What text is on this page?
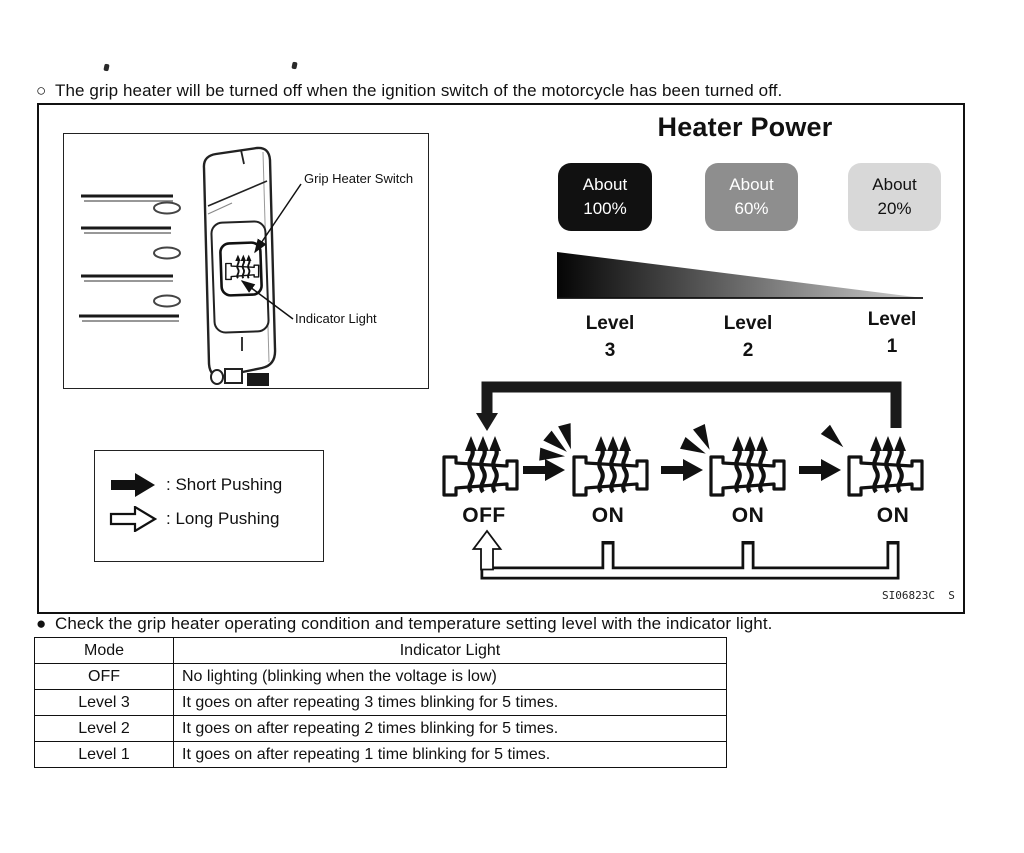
○ The grip heater will be turned off when the ignition switch of the motorcycle has been turned off.
Grip Heater Switch
Indicator Light
: Short Pushing
: Long Pushing
Heater Power
About
100%
About
60%
About
20%
Level
3
Level
2
Level
1
OFF	ON	ON	ON
SI06823C  S
● Check the grip heater operating condition and temperature setting level with the indicator light.
Mode	Indicator Light
OFF	No lighting (blinking when the voltage is low)
Level 3	It goes on after repeating 3 times blinking for 5 times.
Level 2	It goes on after repeating 2 times blinking for 5 times.
Level 1	It goes on after repeating 1 time blinking for 5 times.
